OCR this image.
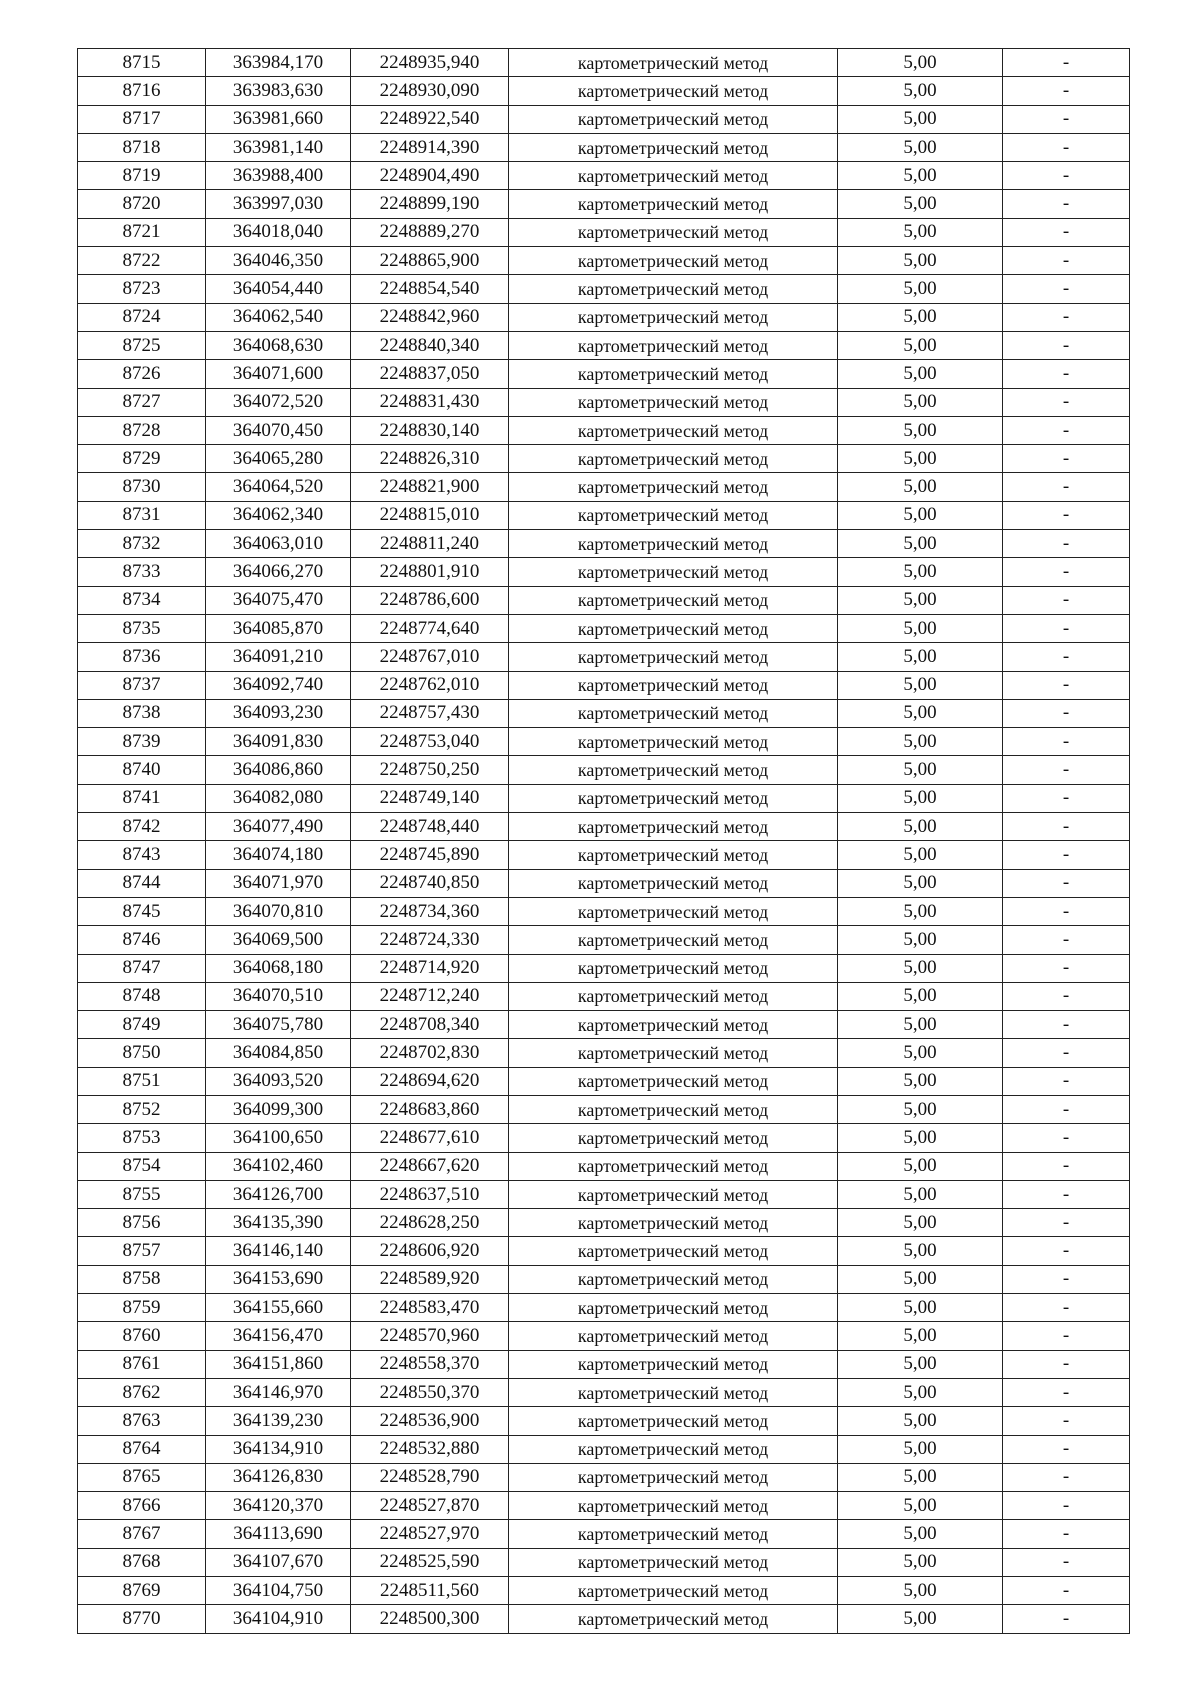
8715	363984,170	2248935,940	картометрический метод	5,00	-
8716	363983,630	2248930,090	картометрический метод	5,00	-
8717	363981,660	2248922,540	картометрический метод	5,00	-
8718	363981,140	2248914,390	картометрический метод	5,00	-
8719	363988,400	2248904,490	картометрический метод	5,00	-
8720	363997,030	2248899,190	картометрический метод	5,00	-
8721	364018,040	2248889,270	картометрический метод	5,00	-
8722	364046,350	2248865,900	картометрический метод	5,00	-
8723	364054,440	2248854,540	картометрический метод	5,00	-
8724	364062,540	2248842,960	картометрический метод	5,00	-
8725	364068,630	2248840,340	картометрический метод	5,00	-
8726	364071,600	2248837,050	картометрический метод	5,00	-
8727	364072,520	2248831,430	картометрический метод	5,00	-
8728	364070,450	2248830,140	картометрический метод	5,00	-
8729	364065,280	2248826,310	картометрический метод	5,00	-
8730	364064,520	2248821,900	картометрический метод	5,00	-
8731	364062,340	2248815,010	картометрический метод	5,00	-
8732	364063,010	2248811,240	картометрический метод	5,00	-
8733	364066,270	2248801,910	картометрический метод	5,00	-
8734	364075,470	2248786,600	картометрический метод	5,00	-
8735	364085,870	2248774,640	картометрический метод	5,00	-
8736	364091,210	2248767,010	картометрический метод	5,00	-
8737	364092,740	2248762,010	картометрический метод	5,00	-
8738	364093,230	2248757,430	картометрический метод	5,00	-
8739	364091,830	2248753,040	картометрический метод	5,00	-
8740	364086,860	2248750,250	картометрический метод	5,00	-
8741	364082,080	2248749,140	картометрический метод	5,00	-
8742	364077,490	2248748,440	картометрический метод	5,00	-
8743	364074,180	2248745,890	картометрический метод	5,00	-
8744	364071,970	2248740,850	картометрический метод	5,00	-
8745	364070,810	2248734,360	картометрический метод	5,00	-
8746	364069,500	2248724,330	картометрический метод	5,00	-
8747	364068,180	2248714,920	картометрический метод	5,00	-
8748	364070,510	2248712,240	картометрический метод	5,00	-
8749	364075,780	2248708,340	картометрический метод	5,00	-
8750	364084,850	2248702,830	картометрический метод	5,00	-
8751	364093,520	2248694,620	картометрический метод	5,00	-
8752	364099,300	2248683,860	картометрический метод	5,00	-
8753	364100,650	2248677,610	картометрический метод	5,00	-
8754	364102,460	2248667,620	картометрический метод	5,00	-
8755	364126,700	2248637,510	картометрический метод	5,00	-
8756	364135,390	2248628,250	картометрический метод	5,00	-
8757	364146,140	2248606,920	картометрический метод	5,00	-
8758	364153,690	2248589,920	картометрический метод	5,00	-
8759	364155,660	2248583,470	картометрический метод	5,00	-
8760	364156,470	2248570,960	картометрический метод	5,00	-
8761	364151,860	2248558,370	картометрический метод	5,00	-
8762	364146,970	2248550,370	картометрический метод	5,00	-
8763	364139,230	2248536,900	картометрический метод	5,00	-
8764	364134,910	2248532,880	картометрический метод	5,00	-
8765	364126,830	2248528,790	картометрический метод	5,00	-
8766	364120,370	2248527,870	картометрический метод	5,00	-
8767	364113,690	2248527,970	картометрический метод	5,00	-
8768	364107,670	2248525,590	картометрический метод	5,00	-
8769	364104,750	2248511,560	картометрический метод	5,00	-
8770	364104,910	2248500,300	картометрический метод	5,00	-
